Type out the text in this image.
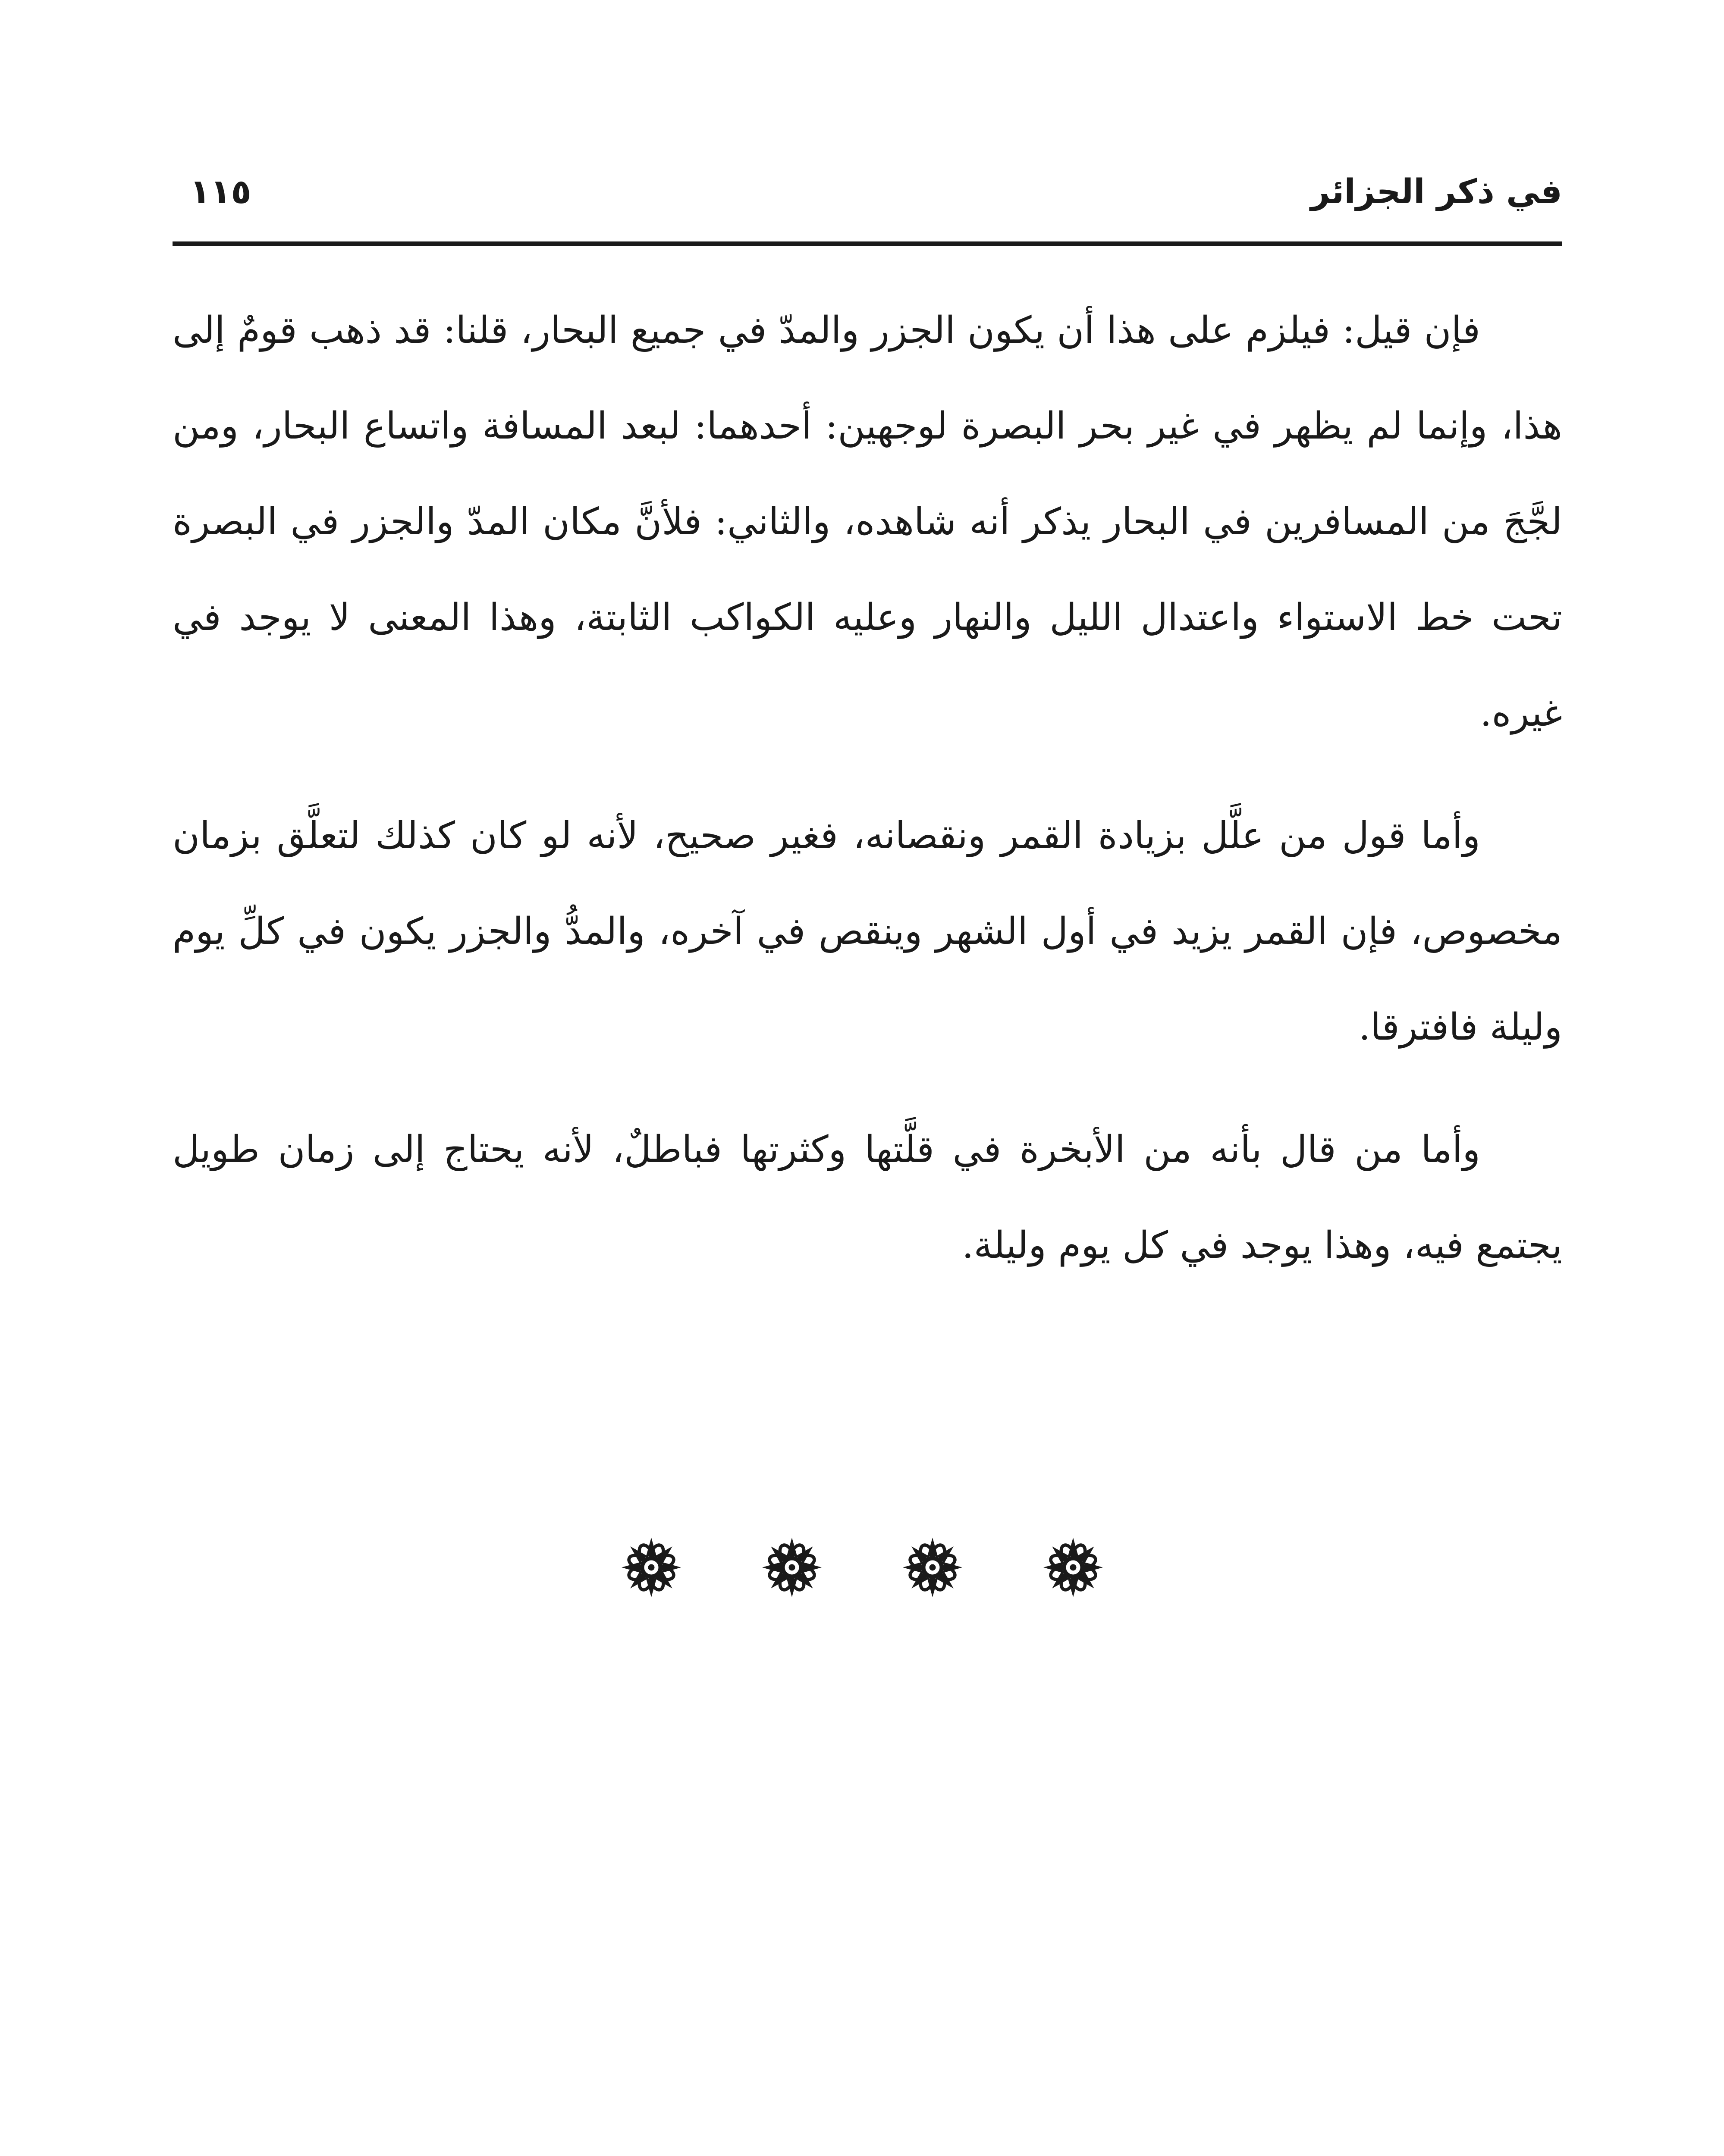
في ذكر الجزائر
١١٥

فإن قيل: فيلزم على هذا أن يكون الجزر والمدّ في جميع البحار، قلنا: قد ذهب قومٌ إلى هذا، وإنما لم يظهر في غير بحر البصرة لوجهين: أحدهما: لبعد المسافة واتساع البحار، ومن لجَّجَ من المسافرين في البحار يذكر أنه شاهده، والثاني: فلأنَّ مكان المدّ والجزر في البصرة تحت خط الاستواء واعتدال الليل والنهار وعليه الكواكب الثابتة، وهذا المعنى لا يوجد في غيره.

وأما قول من علَّل بزيادة القمر ونقصانه، فغير صحيح، لأنه لو كان كذلك لتعلَّق بزمان مخصوص، فإن القمر يزيد في أول الشهر وينقص في آخره، والمدُّ والجزر يكون في كلِّ يوم وليلة فافترقا.

وأما من قال بأنه من الأبخرة في قلَّتها وكثرتها فباطلٌ، لأنه يحتاج إلى زمان طويل يجتمع فيه، وهذا يوجد في كل يوم وليلة.
